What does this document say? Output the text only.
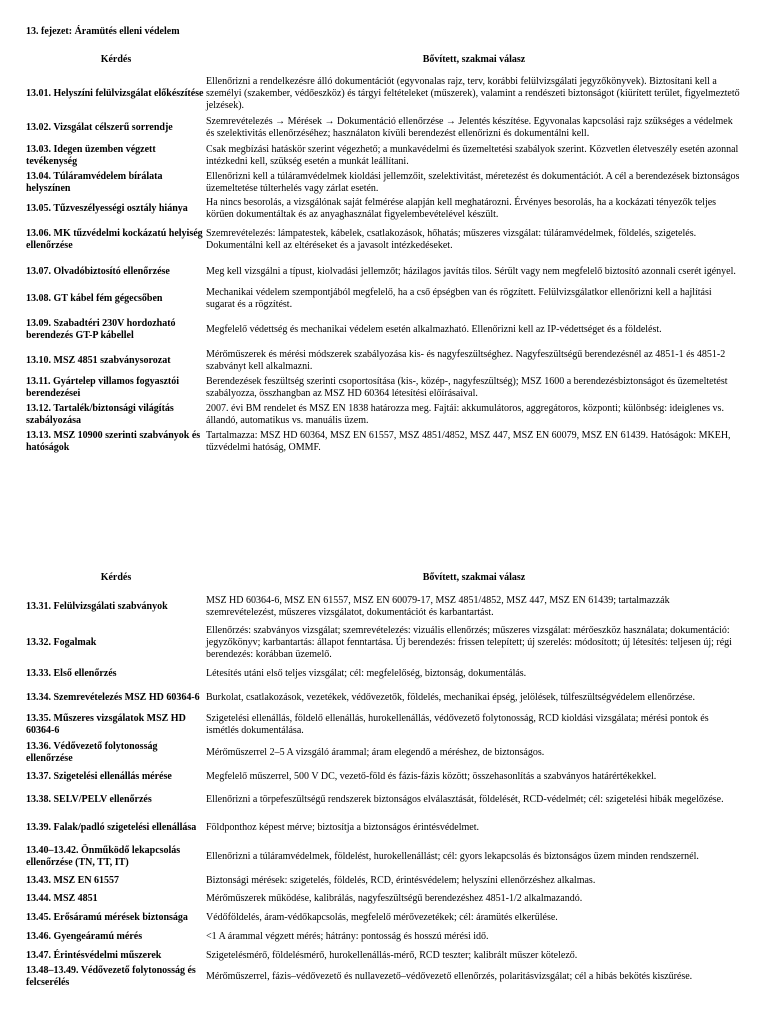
13. fejezet: Áramütés elleni védelem
Kérdés	Bővített, szakmai válasz
13.01. Helyszíni felülvizsgálat előkészítése	Ellenőrizni a rendelkezésre álló dokumentációt (egyvonalas rajz, terv, korábbi felülvizsgálati jegyzőkönyvek). Biztosítani kell a személyi (szakember, védőeszköz) és tárgyi feltételeket (műszerek), valamint a rendészeti biztonságot (kiürített terület, figyelmeztető jelzések).
13.02. Vizsgálat célszerű sorrendje	Szemrevételezés → Mérések → Dokumentáció ellenőrzése → Jelentés készítése. Egyvonalas kapcsolási rajz szükséges a védelmek és szelektivitás ellenőrzéséhez; használaton kívüli berendezést ellenőrizni és dokumentálni kell.
13.03. Idegen üzemben végzett tevékenység	Csak megbízási hatáskör szerint végezhető; a munkavédelmi és üzemeltetési szabályok szerint. Közvetlen életveszély esetén azonnal intézkedni kell, szükség esetén a munkát leállítani.
13.04. Túláramvédelem bírálata helyszínen	Ellenőrizni kell a túláramvédelmek kioldási jellemzőit, szelektivitást, méretezést és dokumentációt. A cél a berendezések biztonságos üzemeltetése túlterhelés vagy zárlat esetén.
13.05. Tűzveszélyességi osztály hiánya	Ha nincs besorolás, a vizsgálónak saját felmérése alapján kell meghatározni. Érvényes besorolás, ha a kockázati tényezők teljes körűen dokumentáltak és az anyaghasználat figyelembevételével készült.
13.06. MK tűzvédelmi kockázatú helyiség ellenőrzése	Szemrevételezés: lámpatestek, kábelek, csatlakozások, hőhatás; műszeres vizsgálat: túláramvédelmek, földelés, szigetelés. Dokumentálni kell az eltéréseket és a javasolt intézkedéseket.
13.07. Olvadóbiztosító ellenőrzése	Meg kell vizsgálni a típust, kiolvadási jellemzőt; házilagos javítás tilos. Sérült vagy nem megfelelő biztosító azonnali cserét igényel.
13.08. GT kábel fém gégecsőben	Mechanikai védelem szempontjából megfelelő, ha a cső épségben van és rögzített. Felülvizsgálatkor ellenőrizni kell a hajlítási sugarat és a rögzítést.
13.09. Szabadtéri 230V hordozható berendezés GT-P kábellel	Megfelelő védettség és mechanikai védelem esetén alkalmazható. Ellenőrizni kell az IP-védettséget és a földelést.
13.10. MSZ 4851 szabványsorozat	Mérőműszerek és mérési módszerek szabályozása kis- és nagyfeszültséghez. Nagyfeszültségű berendezésnél az 4851-1 és 4851-2 szabványt kell alkalmazni.
13.11. Gyártelep villamos fogyasztói berendezései	Berendezések feszültség szerinti csoportosítása (kis-, közép-, nagyfeszültség); MSZ 1600 a berendezésbiztonságot és üzemeltetést szabályozza, összhangban az MSZ HD 60364 létesítési előírásaival.
13.12. Tartalék/biztonsági világítás szabályozása	2007. évi BM rendelet és MSZ EN 1838 határozza meg. Fajtái: akkumulátoros, aggregátoros, központi; különbség: ideiglenes vs. állandó, automatikus vs. manuális üzem.
13.13. MSZ 10900 szerinti szabványok és hatóságok	Tartalmazza: MSZ HD 60364, MSZ EN 61557, MSZ 4851/4852, MSZ 447, MSZ EN 60079, MSZ EN 61439. Hatóságok: MKEH, tűzvédelmi hatóság, OMMF.
Kérdés	Bővített, szakmai válasz
13.31. Felülvizsgálati szabványok	MSZ HD 60364-6, MSZ EN 61557, MSZ EN 60079-17, MSZ 4851/4852, MSZ 447, MSZ EN 61439; tartalmazzák szemrevételezést, műszeres vizsgálatot, dokumentációt és karbantartást.
13.32. Fogalmak	Ellenőrzés: szabványos vizsgálat; szemrevételezés: vizuális ellenőrzés; műszeres vizsgálat: mérőeszköz használata; dokumentáció: jegyzőkönyv; karbantartás: állapot fenntartása. Új berendezés: frissen telepített; új szerelés: módosított; új létesítés: teljesen új; régi berendezés: korábban üzemelő.
13.33. Első ellenőrzés	Létesítés utáni első teljes vizsgálat; cél: megfelelőség, biztonság, dokumentálás.
13.34. Szemrevételezés MSZ HD 60364-6	Burkolat, csatlakozások, vezetékek, védővezetők, földelés, mechanikai épség, jelölések, túlfeszültségvédelem ellenőrzése.
13.35. Műszeres vizsgálatok MSZ HD 60364-6	Szigetelési ellenállás, földelő ellenállás, hurokellenállás, védővezető folytonosság, RCD kioldási vizsgálata; mérési pontok és ismétlés dokumentálása.
13.36. Védővezető folytonosság ellenőrzése	Mérőműszerrel 2–5 A vizsgáló árammal; áram elegendő a méréshez, de biztonságos.
13.37. Szigetelési ellenállás mérése	Megfelelő műszerrel, 500 V DC, vezető-föld és fázis-fázis között; összehasonlítás a szabványos határértékekkel.
13.38. SELV/PELV ellenőrzés	Ellenőrizni a törpefeszültségű rendszerek biztonságos elválasztását, földelését, RCD-védelmét; cél: szigetelési hibák megelőzése.
13.39. Falak/padló szigetelési ellenállása	Földponthoz képest mérve; biztosítja a biztonságos érintésvédelmet.
13.40–13.42. Önműködő lekapcsolás ellenőrzése (TN, TT, IT)	Ellenőrizni a túláramvédelmek, földelést, hurokellenállást; cél: gyors lekapcsolás és biztonságos üzem minden rendszernél.
13.43. MSZ EN 61557	Biztonsági mérések: szigetelés, földelés, RCD, érintésvédelem; helyszíni ellenőrzéshez alkalmas.
13.44. MSZ 4851	Mérőműszerek működése, kalibrálás, nagyfeszültségű berendezéshez 4851-1/2 alkalmazandó.
13.45. Erősáramú mérések biztonsága	Védőföldelés, áram-védőkapcsolás, megfelelő mérővezetékek; cél: áramütés elkerülése.
13.46. Gyengeáramú mérés	<1 A árammal végzett mérés; hátrány: pontosság és hosszú mérési idő.
13.47. Érintésvédelmi műszerek	Szigetelésmérő, földelésmérő, hurokellenállás-mérő, RCD teszter; kalibrált műszer kötelező.
13.48–13.49. Védővezető folytonosság és felcserélés	Mérőműszerrel, fázis–védővezető és nullavezető–védővezető ellenőrzés, polaritásvizsgálat; cél a hibás bekötés kiszűrése.
